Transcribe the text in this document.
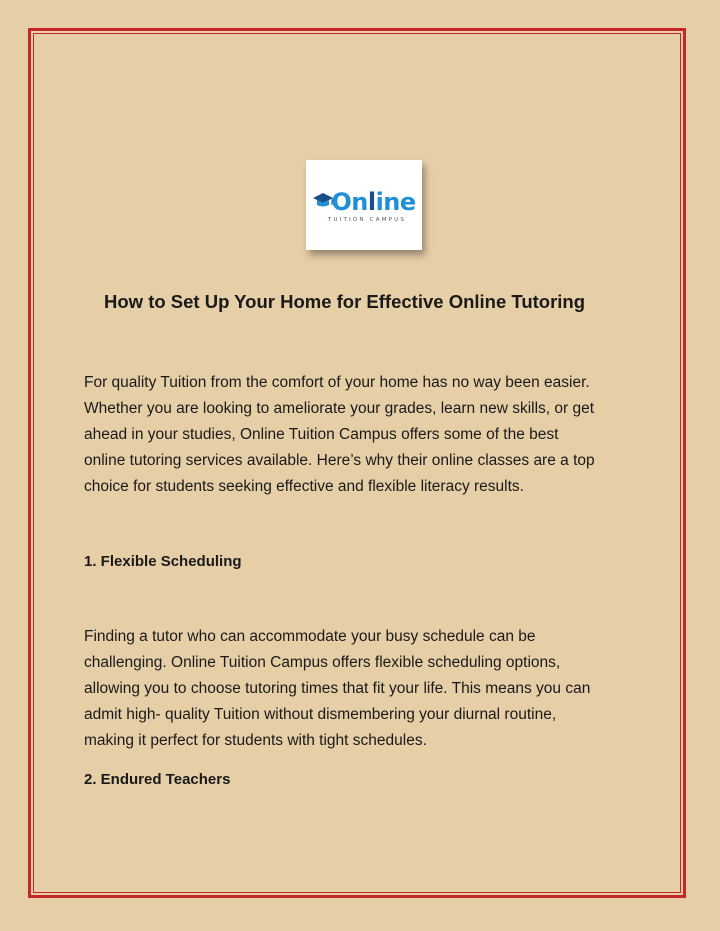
Online
TUITION CAMPUS
How to Set Up Your Home for Effective Online Tutoring

For quality Tuition from the comfort of your home has no way been easier.
Whether you are looking to ameliorate your grades, learn new skills, or get
ahead in your studies, Online Tuition Campus offers some of the best
online tutoring services available. Here’s why their online classes are a top
choice for students seeking effective and flexible literacy results.

1. Flexible Scheduling

Finding a tutor who can accommodate your busy schedule can be
challenging. Online Tuition Campus offers flexible scheduling options,
allowing you to choose tutoring times that fit your life. This means you can
admit high- quality Tuition without dismembering your diurnal routine,
making it perfect for students with tight schedules.

2. Endured Teachers
